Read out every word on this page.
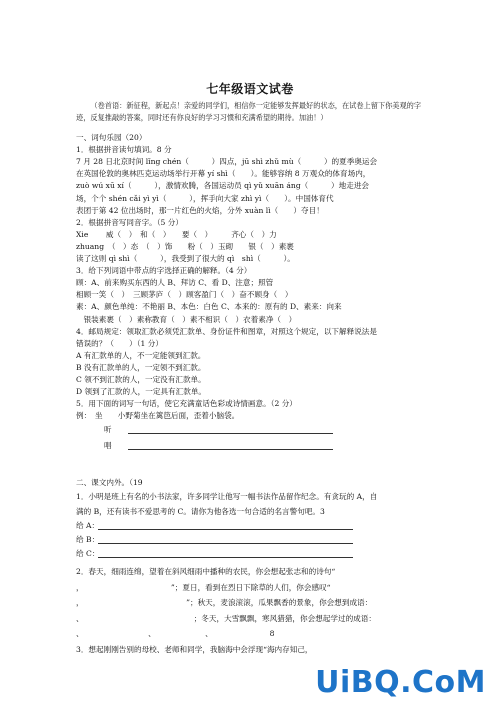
七年级语文试卷
（卷首语：新征程，新起点！亲爱的同学们，相信你一定能够发挥最好的状态，在试卷上留下你美观的字迹，反复推敲的答案，同时还有你良好的学习习惯和充满希望的期待。加油！）
一、词句乐园（20）
1．根据拼音读句填词。8 分
7 月 28 日北京时间 lǐng chén（　　　）四点，jū shì zhǔ mù（　　　）的夏季奥运会
在英国伦敦的奥林匹克运动场举行开幕 yí shì（　　）。能够容纳 8 万观众的体育场内，
zuò wú xū xí（　　　），激情欢腾，各国运动员 qì yǔ xuān áng（　　　）地走进会
场，个个 shén cǎi yì yì（　　　），挥手向大家 zhì yì（　　）。中国体育代
表团于第 42 位出场时，那一片红色的火焰，分外 xuàn lì（　　）夺目！
2．根据拼音写同音字。（5 分）
Xie　　 威（　）　和（　）　　要（　）　　　齐心（　）力
zhuang　（　）态　（　）饰　　粉（　）玉砌　　银（　）素裹
读了这则 qì shì（　　　），我受到了很大的 qì　shì（　　　）。
3．给下列词语中带点的字选择正确的解释。（4 分）
顾：A、前来购买东西的人 B、拜访 C、看 D、注意；照管
相顾一笑（　）　三顾茅庐（　）顾客盈门（　）奋不顾身（　）
素：A、颜色单纯：不艳丽 B、本色：白色 C、本来的：原有的 D、素来：向来
　银装素裹（　）素称教育（　）素不相识（　）衣着素净（　）
4．邮局规定：领取汇款必须凭汇款单、身份证件和图章，对照这个规定，以下解释说法是
错误的？（　　）（1 分）
A 有汇款单的人，不一定能领到汇款。
B 没有汇款单的人，一定领不到汇款。
C 领不到汇款的人，一定没有汇款单。
D 领到了汇款的人，一定具有汇款单。
5．用下面的词写一句话，使它充满童话色彩或诗情画意。（2 分）
例：　坐　　小野菊坐在篱笆后面，歪着小脑袋。
听
唱
二、课文内外。（19
1．小明是班上有名的小书法家，许多同学让他写一幅书法作品留作纪念。有贪玩的 A，自
满的 B，还有读书不爱思考的 C。请你为他各选一句合适的名言警句吧。3
给 A：
给 B：
给 C：
2．春天，细雨连绵，望着在斜风细雨中播种的农民，你会想起张志和的诗句“
，　　　　　　　　　　　　”；夏日，看到在烈日下除草的人们，你会感叹“
，　　　　　　　　　　　　　　”；秋天，麦浪滚滚，瓜果飘香的景象，你会想到成语：
、　　　　　　　　　　　　　　　；冬天，大雪飘飘，寒风猎猎，你会想起学过的成语：
、　　　　　　　　　、　　　　　　　、　　　　　　　　8
3．想起刚刚告别的母校、老师和同学，我脑海中会浮现“海内存知己，
UiBQ.CoM
